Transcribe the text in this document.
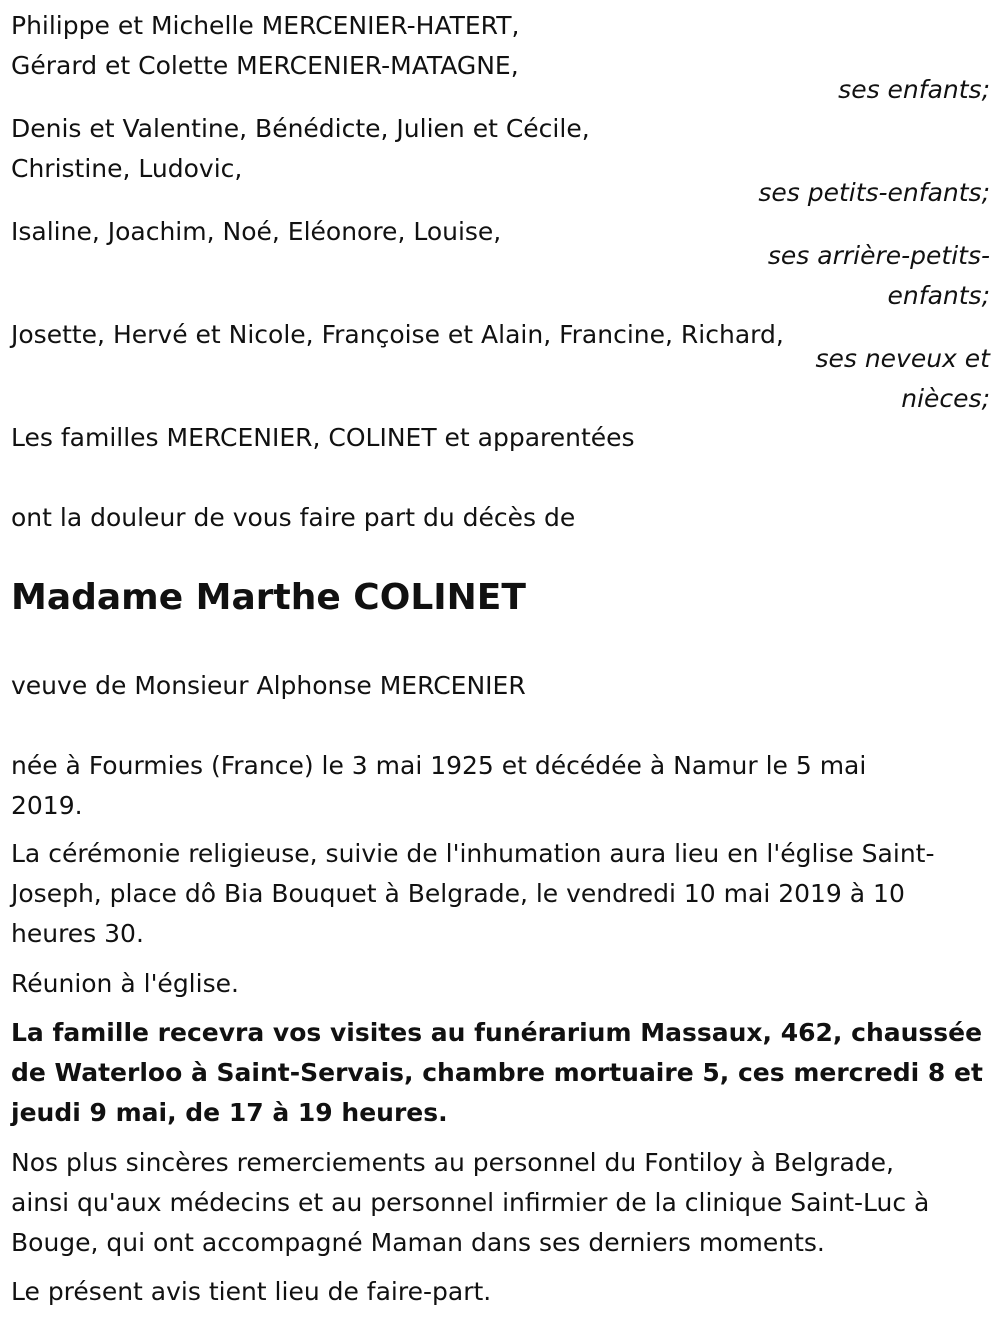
Philippe et Michelle MERCENIER-HATERT,
Gérard et Colette MERCENIER-MATAGNE,
ses enfants;
Denis et Valentine, Bénédicte, Julien et Cécile,
Christine, Ludovic,
ses petits-enfants;
Isaline, Joachim, Noé, Eléonore, Louise,
ses arrière-petits-
enfants;
Josette, Hervé et Nicole, Françoise et Alain, Francine, Richard,
ses neveux et
nièces;
Les familles MERCENIER, COLINET et apparentées
ont la douleur de vous faire part du décès de
Madame Marthe COLINET
veuve de Monsieur Alphonse MERCENIER
née à Fourmies (France) le 3 mai 1925 et décédée à Namur le 5 mai
2019.
La cérémonie religieuse, suivie de l'inhumation aura lieu en l'église Saint-
Joseph, place dô Bia Bouquet à Belgrade, le vendredi 10 mai 2019 à 10
heures 30.
Réunion à l'église.
La famille recevra vos visites au funérarium Massaux, 462, chaussée
de Waterloo à Saint-Servais, chambre mortuaire 5, ces mercredi 8 et
jeudi 9 mai, de 17 à 19 heures.
Nos plus sincères remerciements au personnel du Fontiloy à Belgrade,
ainsi qu'aux médecins et au personnel infirmier de la clinique Saint-Luc à
Bouge, qui ont accompagné Maman dans ses derniers moments.
Le présent avis tient lieu de faire-part.
